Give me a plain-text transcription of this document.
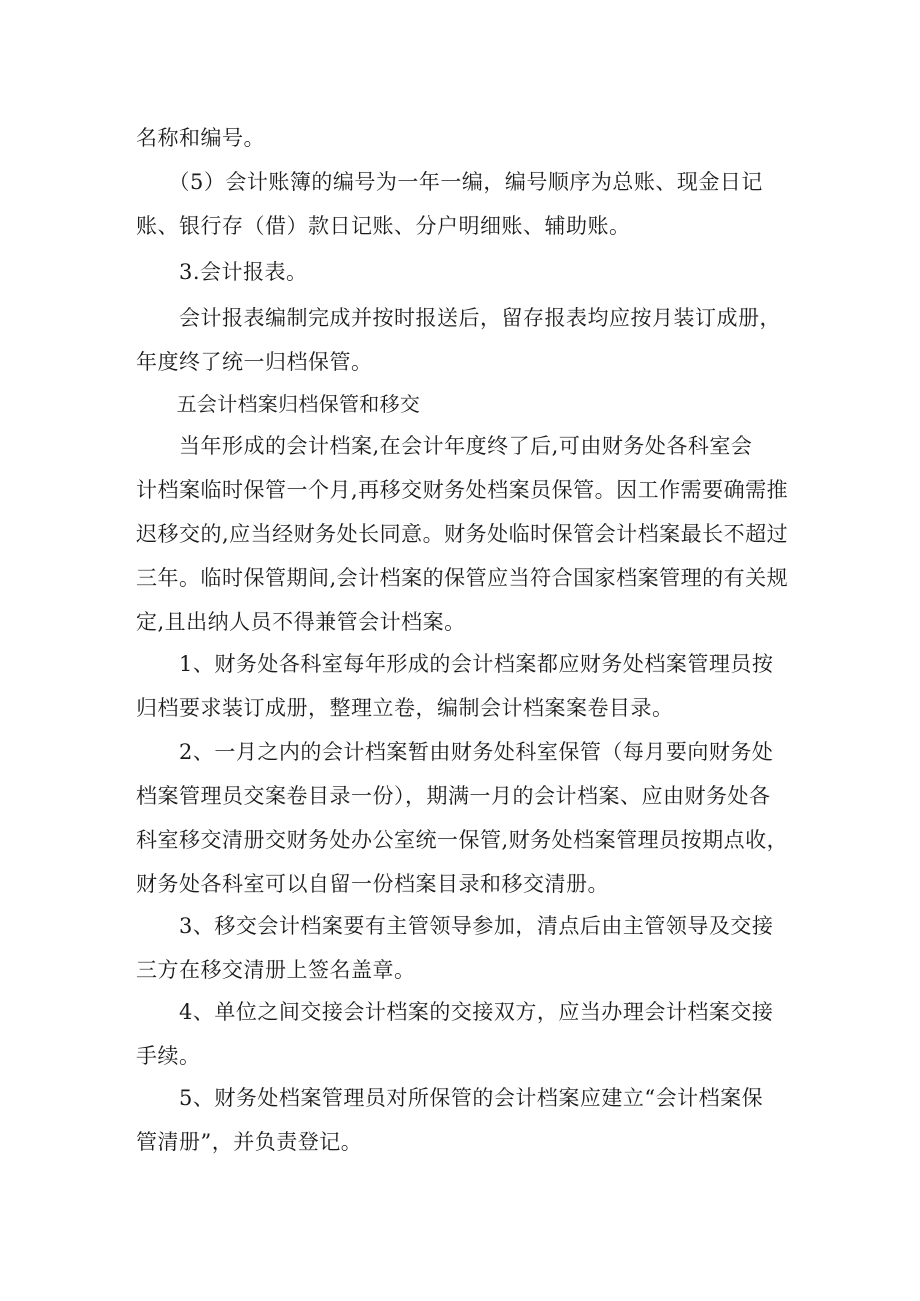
名称和编号。

　　（5）会计账簿的编号为一年一编，编号顺序为总账、现金日记
账、银行存（借）款日记账、分户明细账、辅助账。

　　3.会计报表。

　　会计报表编制完成并按时报送后，留存报表均应按月装订成册，
年度终了统一归档保管。

　　五会计档案归档保管和移交

　　当年形成的会计档案,在会计年度终了后,可由财务处各科室会
计档案临时保管一个月,再移交财务处档案员保管。因工作需要确需推
迟移交的,应当经财务处长同意。财务处临时保管会计档案最长不超过
三年。临时保管期间,会计档案的保管应当符合国家档案管理的有关规
定,且出纳人员不得兼管会计档案。

　　1、财务处各科室每年形成的会计档案都应财务处档案管理员按
归档要求装订成册，整理立卷，编制会计档案案卷目录。

　　2、一月之内的会计档案暂由财务处科室保管（每月要向财务处
档案管理员交案卷目录一份），期满一月的会计档案、应由财务处各
科室移交清册交财务处办公室统一保管,财务处档案管理员按期点收，
财务处各科室可以自留一份档案目录和移交清册。

　　3、移交会计档案要有主管领导参加，清点后由主管领导及交接
三方在移交清册上签名盖章。

　　4、单位之间交接会计档案的交接双方，应当办理会计档案交接
手续。

　　5、财务处档案管理员对所保管的会计档案应建立“会计档案保
管清册”，并负责登记。
